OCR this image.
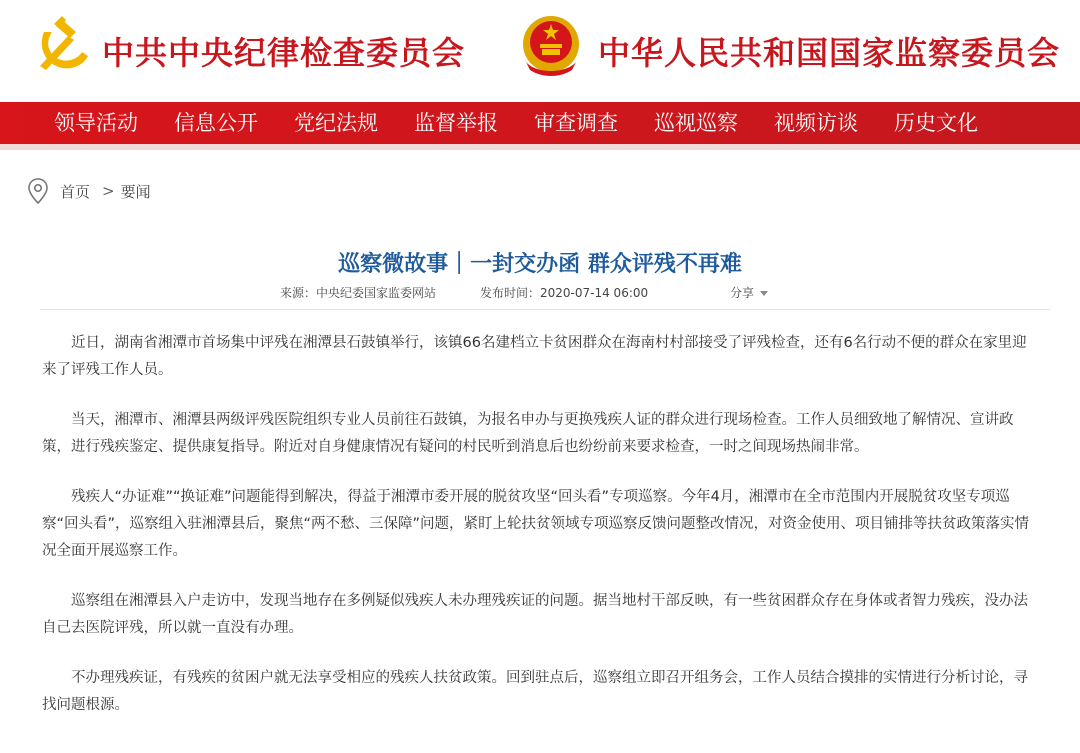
中共中央纪律检查委员会	中华人民共和国国家监察委员会
领导活动 信息公开 党纪法规 监督举报 审查调查 巡视巡察 视频访谈 历史文化
首页 > 要闻
巡察微故事｜一封交办函 群众评残不再难
来源：中央纪委国家监委网站	发布时间：2020-07-14 06:00	分享

近日，湖南省湘潭市首场集中评残在湘潭县石鼓镇举行，该镇66名建档立卡贫困群众在海南村村部接受了评残检查，还有6名行动不便的群众在家里迎来了评残工作人员。

当天，湘潭市、湘潭县两级评残医院组织专业人员前往石鼓镇，为报名申办与更换残疾人证的群众进行现场检查。工作人员细致地了解情况、宣讲政策，进行残疾鉴定、提供康复指导。附近对自身健康情况有疑问的村民听到消息后也纷纷前来要求检查，一时之间现场热闹非常。

残疾人“办证难”“换证难”问题能得到解决，得益于湘潭市委开展的脱贫攻坚“回头看”专项巡察。今年4月，湘潭市在全市范围内开展脱贫攻坚专项巡察“回头看”，巡察组入驻湘潭县后，聚焦“两不愁、三保障”问题，紧盯上轮扶贫领域专项巡察反馈问题整改情况，对资金使用、项目铺排等扶贫政策落实情况全面开展巡察工作。

巡察组在湘潭县入户走访中，发现当地存在多例疑似残疾人未办理残疾证的问题。据当地村干部反映，有一些贫困群众存在身体或者智力残疾，没办法自己去医院评残，所以就一直没有办理。

不办理残疾证，有残疾的贫困户就无法享受相应的残疾人扶贫政策。回到驻点后，巡察组立即召开组务会，工作人员结合摸排的实情进行分析讨论，寻找问题根源。
